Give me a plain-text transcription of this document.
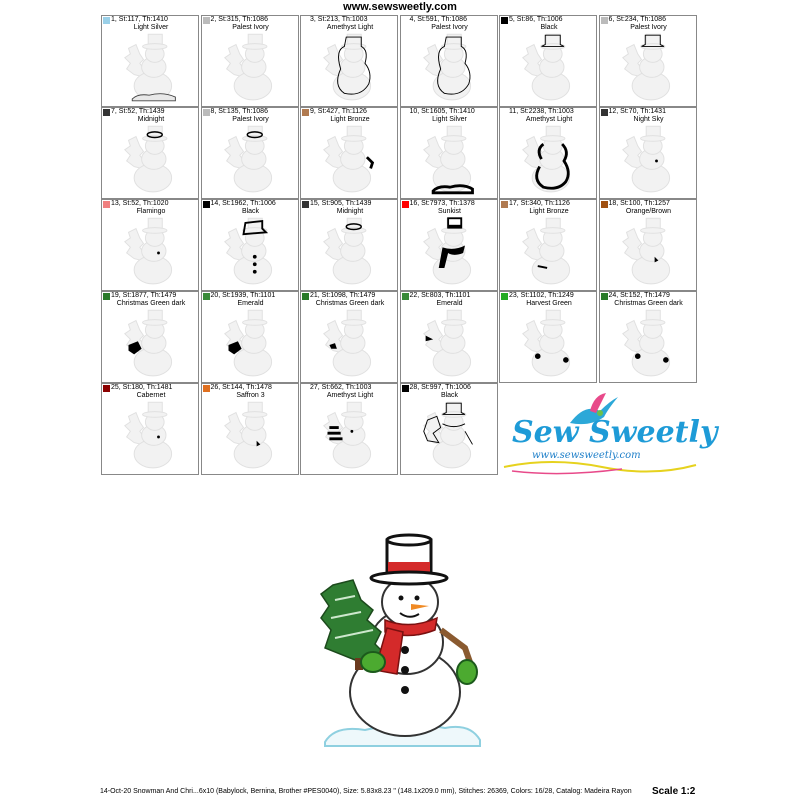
www.sewsweetly.com
1, St:117, Th:1410
Light Silver
2, St:315, Th:1086
Palest Ivory
3, St:213, Th:1003
Amethyst Light
4, St:591, Th:1086
Palest Ivory
5, St:86, Th:1006
Black
6, St:234, Th:1086
Palest Ivory
7, St:52, Th:1439
Midnight
8, St:135, Th:1086
Palest Ivory
9, St:427, Th:1126
Light Bronze
10, St:1605, Th:1410
Light Silver
11, St:2238, Th:1003
Amethyst Light
12, St:70, Th:1431
Night Sky
13, St:52, Th:1020
Flamingo
14, St:1962, Th:1006
Black
15, St:905, Th:1439
Midnight
16, St:7973, Th:1378
Sunkist
17, St:340, Th:1126
Light Bronze
18, St:100, Th:1257
Orange/Brown
19, St:1877, Th:1479
Christmas Green dark
20, St:1939, Th:1101
Emerald
21, St:1098, Th:1479
Christmas Green dark
22, St:803, Th:1101
Emerald
23, St:1102, Th:1249
Harvest Green
24, St:152, Th:1479
Christmas Green dark
25, St:180, Th:1481
Cabernet
26, St:144, Th:1478
Saffron 3
27, St:662, Th:1003
Amethyst Light
28, St:997, Th:1006
Black
Sew Sweetly
www.sewsweetly.com
14-Oct-20 Snowman And Chri...6x10 (Babylock, Bernina, Brother #PES0040), Size: 5.83x8.23 " (148.1x209.0 mm), Stitches: 26369, Colors: 16/28, Catalog: Madeira Rayon Scale 1:2
